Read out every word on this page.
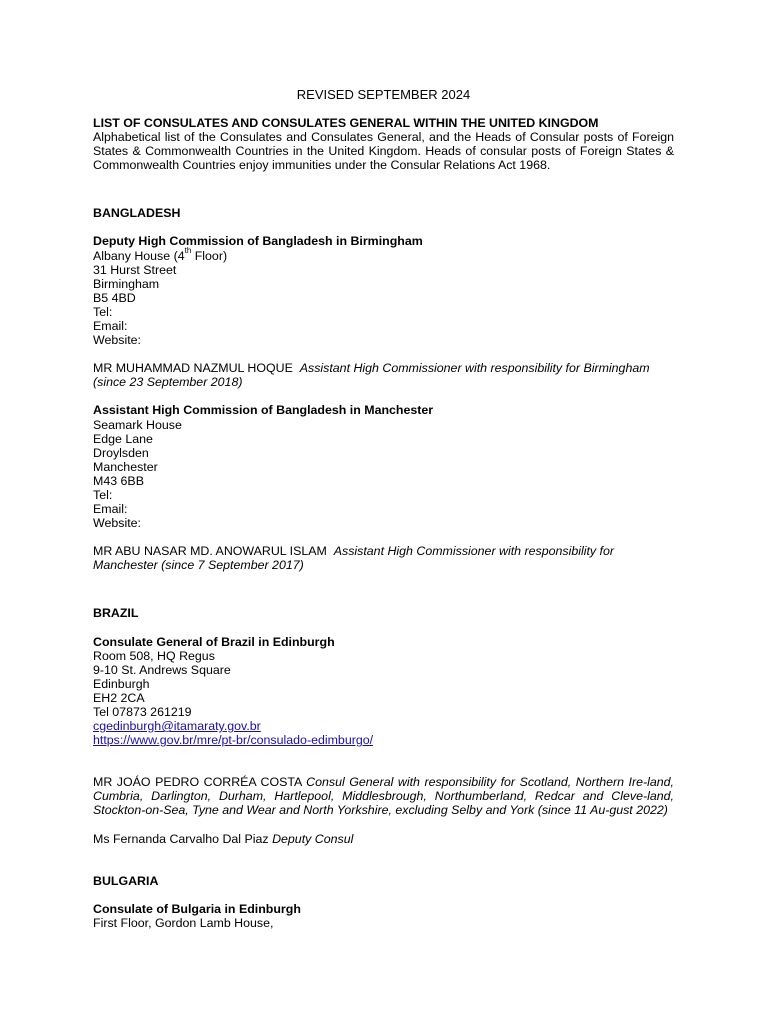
REVISED SEPTEMBER 2024
LIST OF CONSULATES AND CONSULATES GENERAL WITHIN THE UNITED KINGDOM
Alphabetical list of the Consulates and Consulates General, and the Heads of Consular posts of Foreign States & Commonwealth Countries in the United Kingdom. Heads of consular posts of Foreign States & Commonwealth Countries enjoy immunities under the Consular Relations Act 1968.
BANGLADESH
Deputy High Commission of Bangladesh in Birmingham
Albany House (4th Floor)
31 Hurst Street
Birmingham
B5 4BD
Tel:
Email:
Website:
MR MUHAMMAD NAZMUL HOQUE Assistant High Commissioner with responsibility for Birmingham (since 23 September 2018)
Assistant High Commission of Bangladesh in Manchester
Seamark House
Edge Lane
Droylsden
Manchester
M43 6BB
Tel:
Email:
Website:
MR ABU NASAR MD. ANOWARUL ISLAM Assistant High Commissioner with responsibility for Manchester (since 7 September 2017)
BRAZIL
Consulate General of Brazil in Edinburgh
Room 508, HQ Regus
9-10 St. Andrews Square
Edinburgh
EH2 2CA
Tel 07873 261219
cgedinburgh@itamaraty.gov.br
https://www.gov.br/mre/pt-br/consulado-edimburgo/
MR JOÁO PEDRO CORRÉA COSTA Consul General with responsibility for Scotland, Northern Ire-land, Cumbria, Darlington, Durham, Hartlepool, Middlesbrough, Northumberland, Redcar and Cleve-land, Stockton-on-Sea, Tyne and Wear and North Yorkshire, excluding Selby and York (since 11 Au-gust 2022)
Ms Fernanda Carvalho Dal Piaz Deputy Consul
BULGARIA
Consulate of Bulgaria in Edinburgh
First Floor, Gordon Lamb House,
